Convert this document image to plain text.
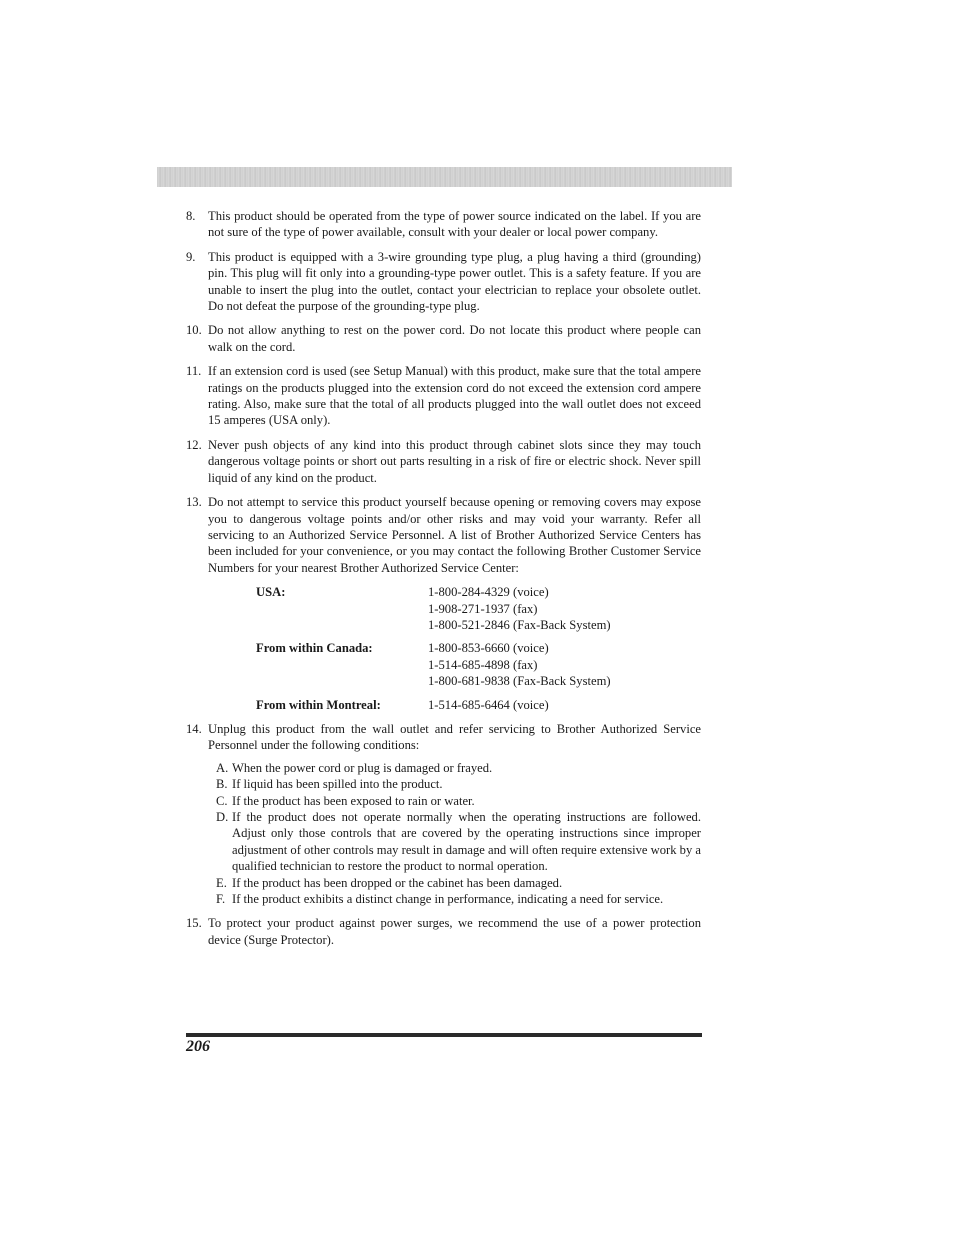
8. This product should be operated from the type of power source indicated on the label. If you are not sure of the type of power available, consult with your dealer or local power company.
9. This product is equipped with a 3-wire grounding type plug, a plug having a third (grounding) pin. This plug will fit only into a grounding-type power outlet. This is a safety feature. If you are unable to insert the plug into the outlet, contact your electrician to replace your obsolete outlet. Do not defeat the purpose of the grounding-type plug.
10. Do not allow anything to rest on the power cord. Do not locate this product where people can walk on the cord.
11. If an extension cord is used (see Setup Manual) with this product, make sure that the total ampere ratings on the products plugged into the extension cord do not exceed the extension cord ampere rating. Also, make sure that the total of all products plugged into the wall outlet does not exceed 15 amperes (USA only).
12. Never push objects of any kind into this product through cabinet slots since they may touch dangerous voltage points or short out parts resulting in a risk of fire or electric shock. Never spill liquid of any kind on the product.
13. Do not attempt to service this product yourself because opening or removing covers may expose you to dangerous voltage points and/or other risks and may void your warranty. Refer all servicing to an Authorized Service Personnel. A list of Brother Authorized Service Centers has been included for your convenience, or you may contact the following Brother Customer Service Numbers for your nearest Brother Authorized Service Center:
USA:	1-800-284-4329 (voice)
1-908-271-1937 (fax)
1-800-521-2846 (Fax-Back System)
From within Canada:	1-800-853-6660 (voice)
1-514-685-4898 (fax)
1-800-681-9838 (Fax-Back System)
From within Montreal:	1-514-685-6464 (voice)
14. Unplug this product from the wall outlet and refer servicing to Brother Authorized Service Personnel under the following conditions:
A. When the power cord or plug is damaged or frayed.
B. If liquid has been spilled into the product.
C. If the product has been exposed to rain or water.
D. If the product does not operate normally when the operating instructions are followed. Adjust only those controls that are covered by the operating instructions since improper adjustment of other controls may result in damage and will often require extensive work by a qualified technician to restore the product to normal operation.
E. If the product has been dropped or the cabinet has been damaged.
F. If the product exhibits a distinct change in performance, indicating a need for service.
15. To protect your product against power surges, we recommend the use of a power protection device (Surge Protector).
206
